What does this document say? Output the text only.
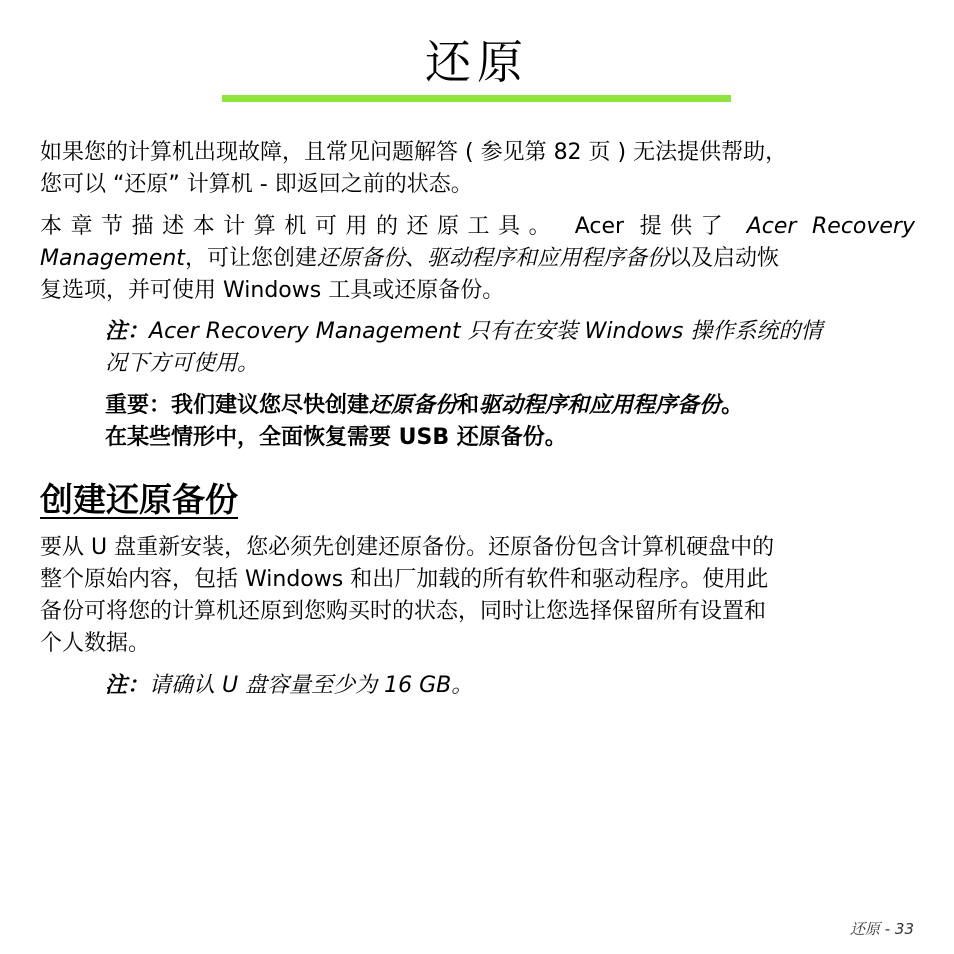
还原
如果您的计算机出现故障，且常见问题解答 ( 参见第 82 页 ) 无法提供帮助，
您可以 “还原” 计算机 - 即返回之前的状态。
本章节描述本计算机可用的还原工具。 Acer 提供了 Acer Recovery
Management，可让您创建还原备份、驱动程序和应用程序备份以及启动恢
复选项，并可使用 Windows 工具或还原备份。
注：Acer Recovery Management 只有在安装 Windows 操作系统的情
况下方可使用。
重要：我们建议您尽快创建还原备份和驱动程序和应用程序备份。
在某些情形中，全面恢复需要 USB 还原备份。
创建还原备份
要从 U 盘重新安装，您必须先创建还原备份。还原备份包含计算机硬盘中的
整个原始内容，包括 Windows 和出厂加载的所有软件和驱动程序。使用此
备份可将您的计算机还原到您购买时的状态，同时让您选择保留所有设置和
个人数据。
注：请确认 U 盘容量至少为 16 GB。
还原 - 33
